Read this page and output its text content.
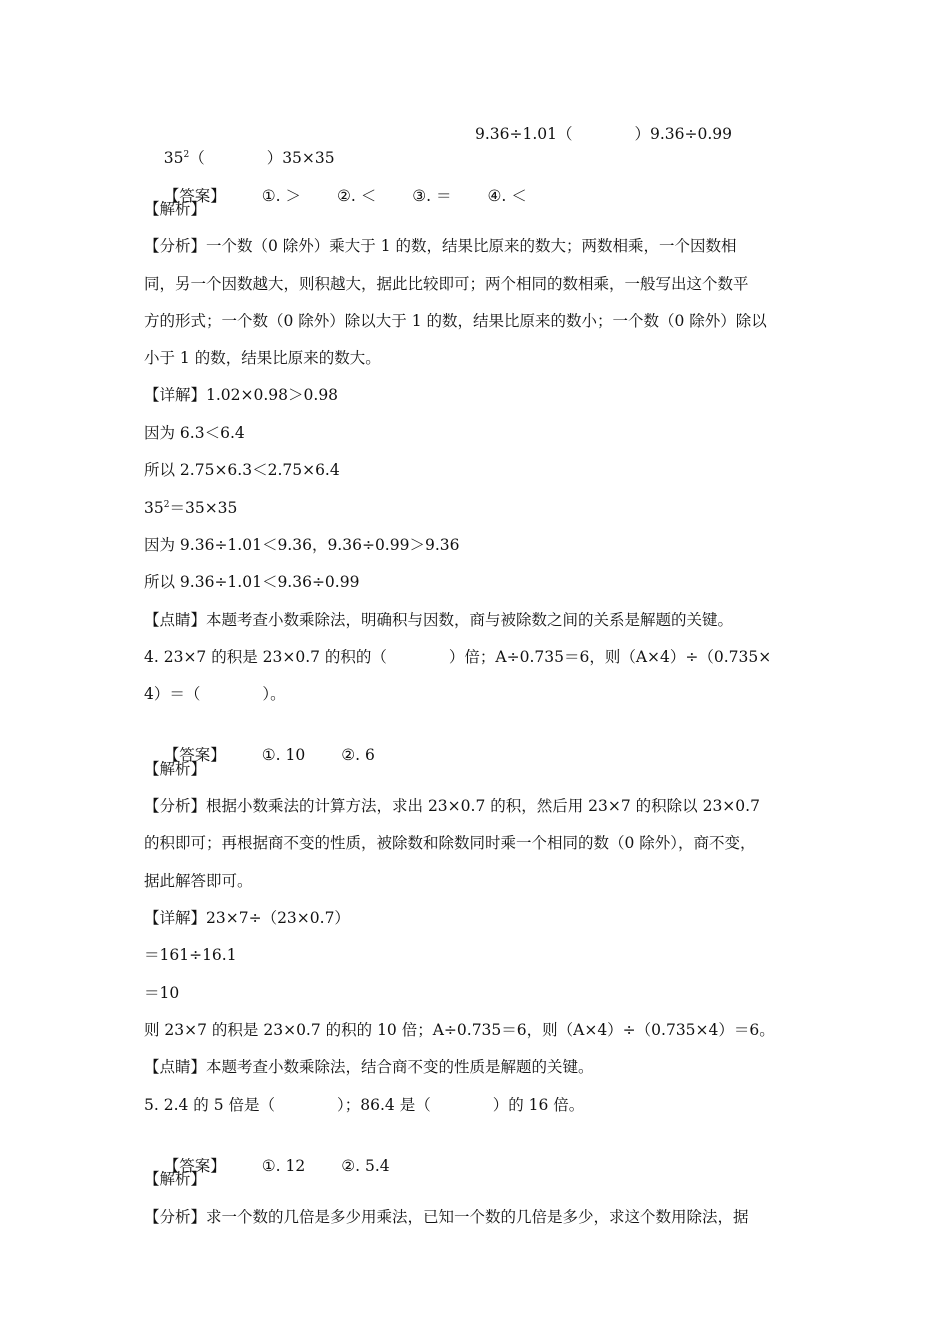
$35^2$（　　　　）35×35

9.36÷1.01（　　　　）9.36÷0.99

【答案】 ①. ＞ ②. ＜ ③. ＝ ④. ＜

【解析】
【分析】一个数（0 除外）乘大于 1 的数，结果比原来的数大；两数相乘，一个因数相
同，另一个因数越大，则积越大，据此比较即可；两个相同的数相乘，一般写出这个数平
方的形式；一个数（0 除外）除以大于 1 的数，结果比原来的数小；一个数（0 除外）除以
小于 1 的数，结果比原来的数大。
【详解】1.02×0.98＞0.98
因为 6.3＜6.4
所以 2.75×6.3＜2.75×6.4
$35^2=35\times 35$
因为 9.36÷1.01＜9.36，9.36÷0.99＞9.36
所以 9.36÷1.01＜9.36÷0.99
【点睛】本题考查小数乘除法，明确积与因数，商与被除数之间的关系是解题的关键。
4. 23×7 的积是 23×0.7 的积的（　　　　）倍；A÷0.735＝6，则（A×4）÷（0.735×
4）＝（　　　　）。

【答案】 ①. 10 ②. 6

【解析】
【分析】根据小数乘法的计算方法，求出 23×0.7 的积，然后用 23×7 的积除以 23×0.7
的积即可；再根据商不变的性质，被除数和除数同时乘一个相同的数（0 除外），商不变，
据此解答即可。
【详解】23×7÷（23×0.7）
＝161÷16.1
＝10
则 23×7 的积是 23×0.7 的积的 10 倍；A÷0.735＝6，则（A×4）÷（0.735×4）＝6。
【点睛】本题考查小数乘除法，结合商不变的性质是解题的关键。
5. 2.4 的 5 倍是（　　　　）；86.4 是（　　　　）的 16 倍。

【答案】 ①. 12 ②. 5.4

【解析】
【分析】求一个数的几倍是多少用乘法，已知一个数的几倍是多少，求这个数用除法，据
